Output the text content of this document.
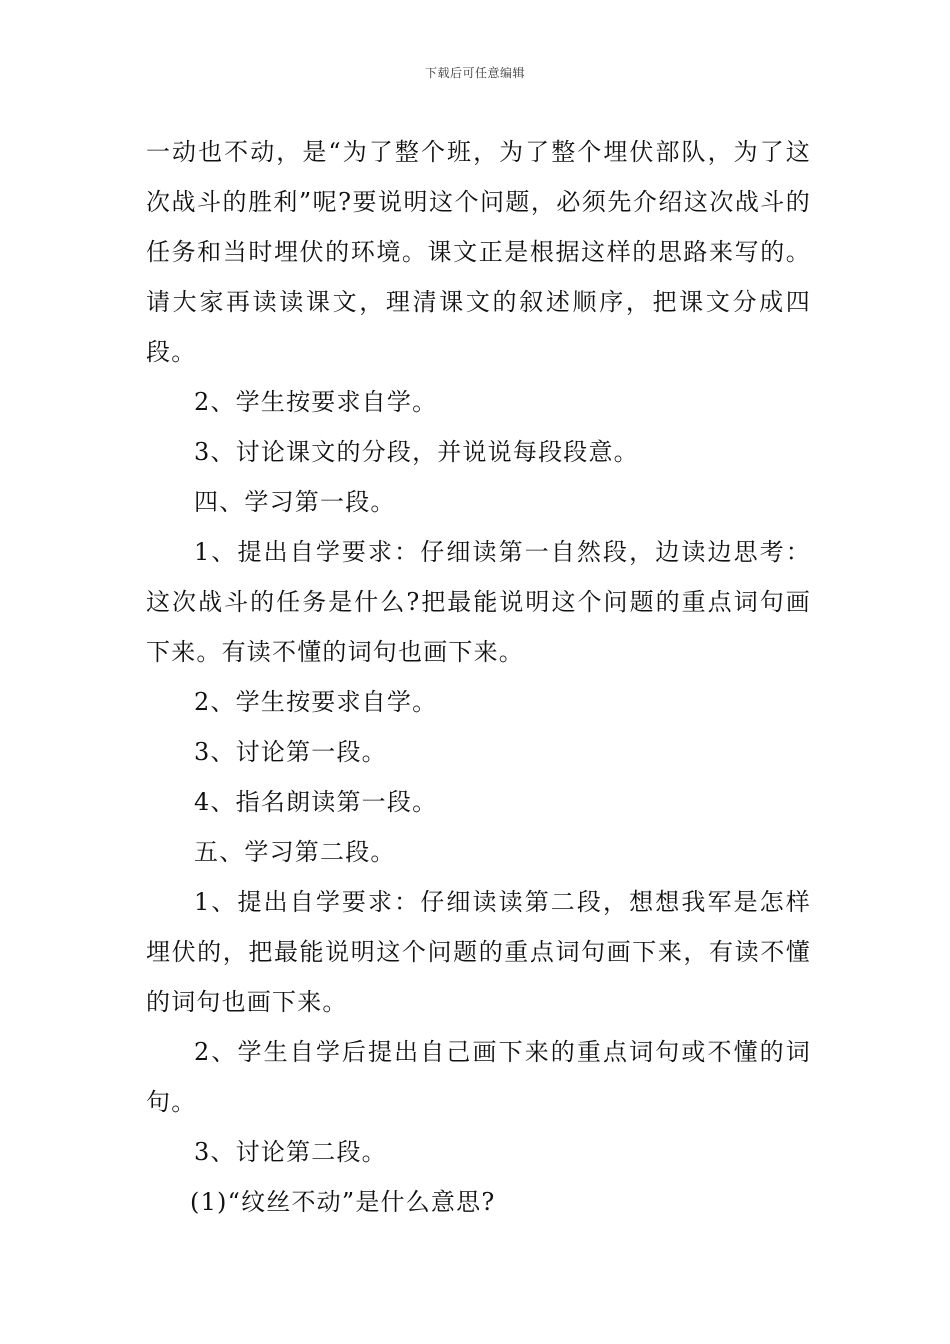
下载后可任意编辑

一动也不动，是“为了整个班，为了整个埋伏部队，为了这次战斗的胜利”呢?要说明这个问题，必须先介绍这次战斗的任务和当时埋伏的环境。课文正是根据这样的思路来写的。请大家再读读课文，理清课文的叙述顺序，把课文分成四段。

2、学生按要求自学。

3、讨论课文的分段，并说说每段段意。

四、学习第一段。

1、提出自学要求：仔细读第一自然段，边读边思考：这次战斗的任务是什么?把最能说明这个问题的重点词句画下来。有读不懂的词句也画下来。

2、学生按要求自学。

3、讨论第一段。

4、指名朗读第一段。

五、学习第二段。

1、提出自学要求：仔细读读第二段，想想我军是怎样埋伏的，把最能说明这个问题的重点词句画下来，有读不懂的词句也画下来。

2、学生自学后提出自己画下来的重点词句或不懂的词句。

3、讨论第二段。

(1)“纹丝不动”是什么意思?
